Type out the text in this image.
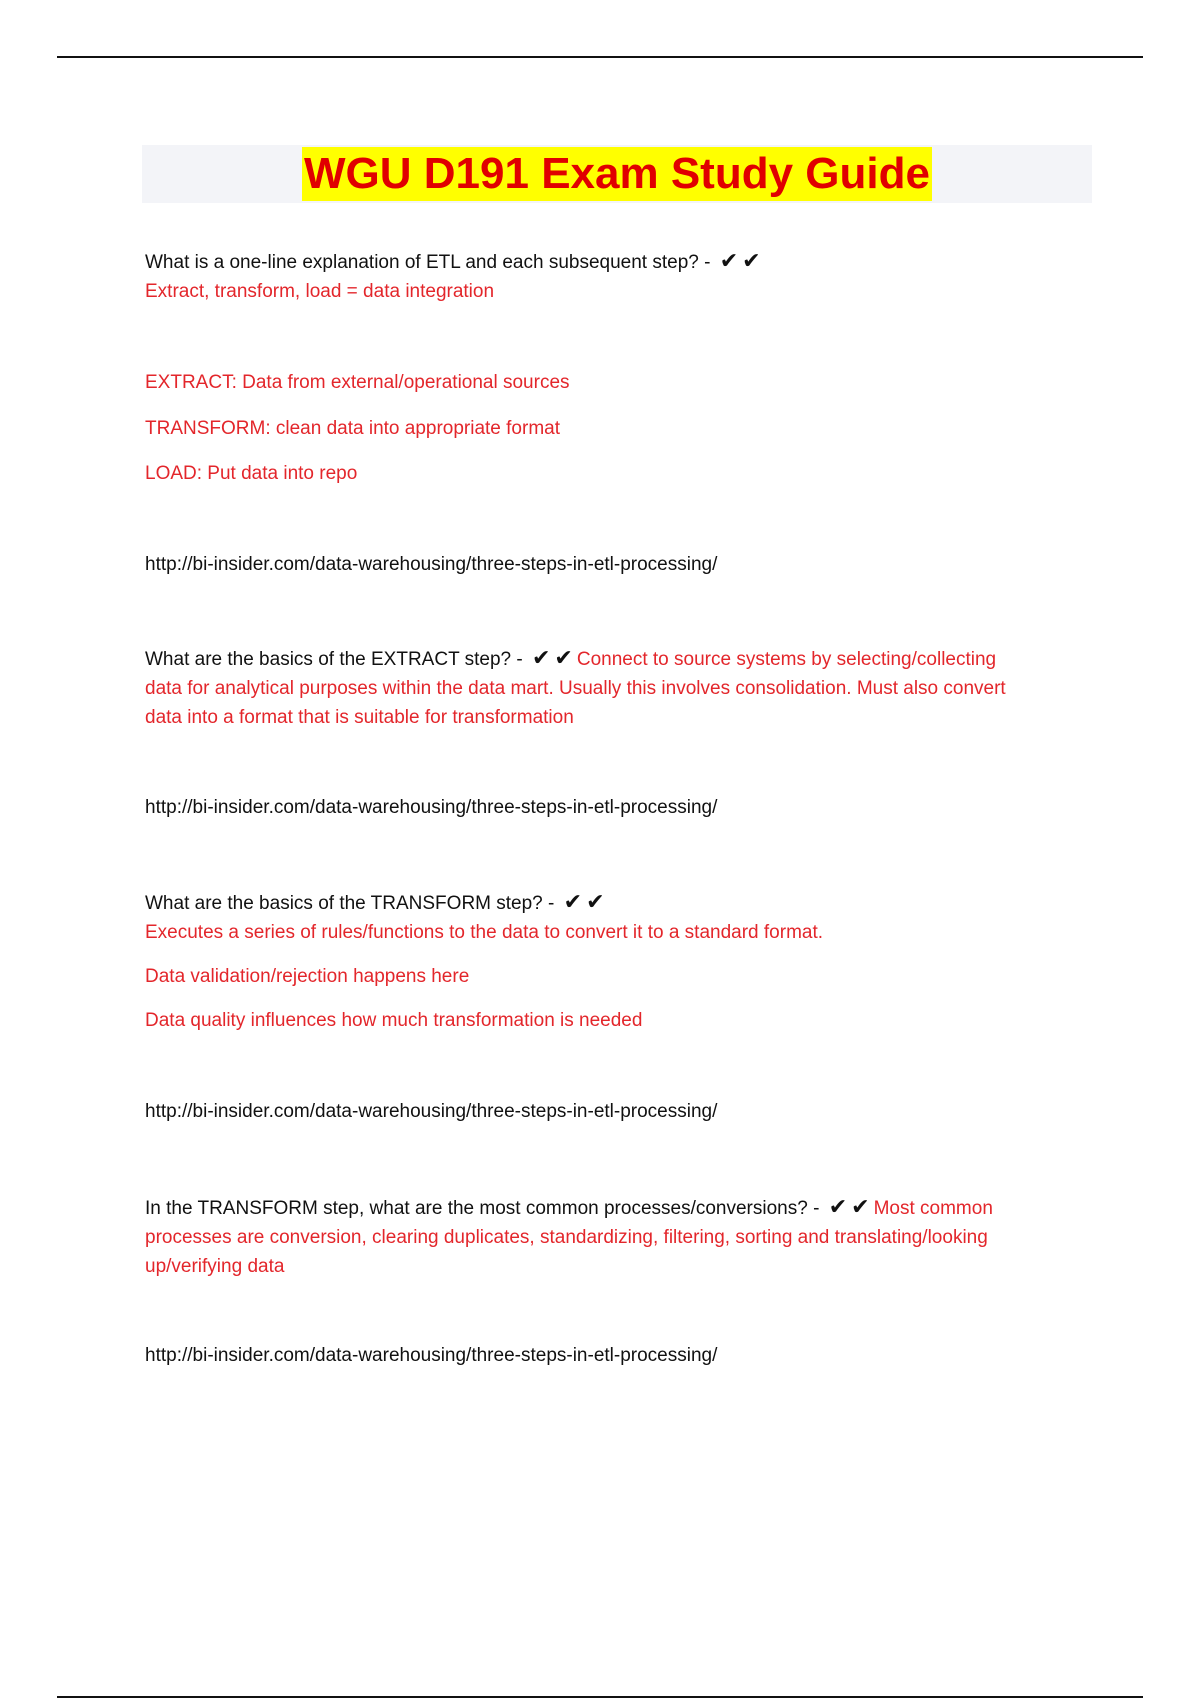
WGU D191 Exam Study Guide
What is a one-line explanation of ETL and each subsequent step? - ✔✔
Extract, transform, load = data integration
EXTRACT: Data from external/operational sources
TRANSFORM: clean data into appropriate format
LOAD: Put data into repo
http://bi-insider.com/data-warehousing/three-steps-in-etl-processing/
What are the basics of the EXTRACT step? - ✔✔Connect to source systems by selecting/collecting
data for analytical purposes within the data mart. Usually this involves consolidation. Must also convert
data into a format that is suitable for transformation
http://bi-insider.com/data-warehousing/three-steps-in-etl-processing/
What are the basics of the TRANSFORM step? - ✔✔
Executes a series of rules/functions to the data to convert it to a standard format.
Data validation/rejection happens here
Data quality influences how much transformation is needed
http://bi-insider.com/data-warehousing/three-steps-in-etl-processing/
In the TRANSFORM step, what are the most common processes/conversions? - ✔✔Most common
processes are conversion, clearing duplicates, standardizing, filtering, sorting and translating/looking
up/verifying data
http://bi-insider.com/data-warehousing/three-steps-in-etl-processing/
